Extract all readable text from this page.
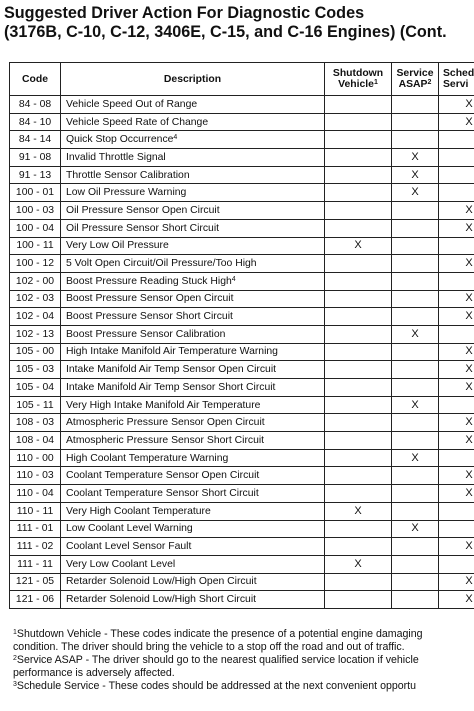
Suggested Driver Action For Diagnostic Codes
(3176B, C-10, C-12, 3406E, C-15, and C-16 Engines) (Cont.
Code	Description	Shutdown
Vehicle$^1$	Service
ASAP$^2$	Sched
Servi
84 - 08	Vehicle Speed Out of Range			X
84 - 10	Vehicle Speed Rate of Change			X
84 - 14	Quick Stop Occurrence$^4$			
91 - 08	Invalid Throttle Signal		X	
91 - 13	Throttle Sensor Calibration		X	
100 - 01	Low Oil Pressure Warning		X	
100 - 03	Oil Pressure Sensor Open Circuit			X
100 - 04	Oil Pressure Sensor Short Circuit			X
100 - 11	Very Low Oil Pressure	X		
100 - 12	5 Volt Open Circuit/Oil Pressure/Too High			X
102 - 00	Boost Pressure Reading Stuck High$^4$			
102 - 03	Boost Pressure Sensor Open Circuit			X
102 - 04	Boost Pressure Sensor Short Circuit			X
102 - 13	Boost Pressure Sensor Calibration		X	
105 - 00	High Intake Manifold Air Temperature Warning			X
105 - 03	Intake Manifold Air Temp Sensor Open Circuit			X
105 - 04	Intake Manifold Air Temp Sensor Short Circuit			X
105 - 11	Very High Intake Manifold Air Temperature		X	
108 - 03	Atmospheric Pressure Sensor Open Circuit			X
108 - 04	Atmospheric Pressure Sensor Short Circuit			X
110 - 00	High Coolant Temperature Warning		X	
110 - 03	Coolant Temperature Sensor Open Circuit			X
110 - 04	Coolant Temperature Sensor Short Circuit			X
110 - 11	Very High Coolant Temperature	X		
111 - 01	Low Coolant Level Warning		X	
111 - 02	Coolant Level Sensor Fault			X
111 - 11	Very Low Coolant Level	X		
121 - 05	Retarder Solenoid Low/High Open Circuit			X
121 - 06	Retarder Solenoid Low/High Short Circuit			X
$^1$Shutdown Vehicle - These codes indicate the presence of a potential engine damaging
condition. The driver should bring the vehicle to a stop off the road and out of traffic.
$^2$Service ASAP - The driver should go to the nearest qualified service location if vehicle
performance is adversely affected.
$^3$Schedule Service - These codes should be addressed at the next convenient opportu
